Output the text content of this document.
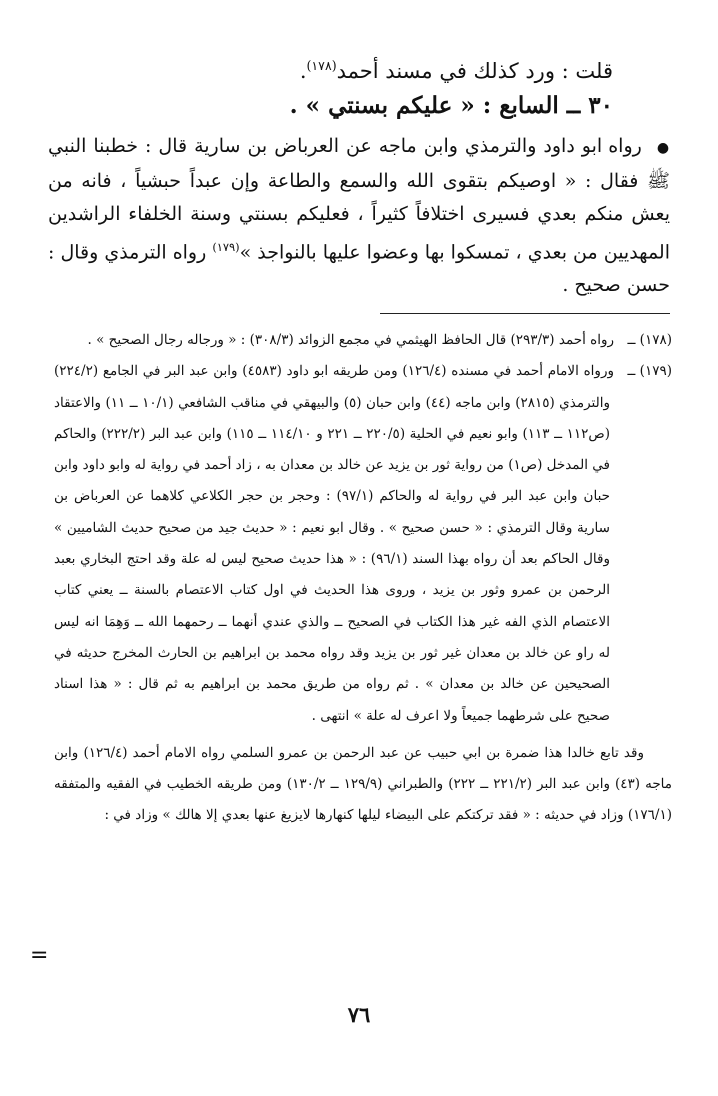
قلت : ورد كذلك في مسند أحمد$^{(١٧٨)}$.
٣٠ ــ السابع : « عليكم بسنتي » .
● رواه ابو داود والترمذي وابن ماجه عن العرباض بن سارية قال : خطبنا النبي ﷺ فقال : « اوصيكم بتقوى الله والسمع والطاعة وإن عبداً حبشياً ، فانه من يعش منكم بعدي فسيرى اختلافاً كثيراً ، فعليكم بسنتي وسنة الخلفاء الراشدين المهديين من بعدي ، تمسكوا بها وعضوا عليها بالنواجذ »$^{(١٧٩)}$ رواه الترمذي وقال : حسن صحيح .

(١٧٨) ــرواه أحمد (٢٩٣/٣) قال الحافظ الهيثمي في مجمع الزوائد (٣٠٨/٣) : « ورجاله رجال الصحيح » .

(١٧٩) ــورواه الامام أحمد في مسنده (١٢٦/٤) ومن طريقه ابو داود (٤٥٨٣) وابن عبد البر في الجامع (٢٢٤/٢) والترمذي (٢٨١٥) وابن ماجه (٤٤) وابن حبان (٥) والبيهقي في مناقب الشافعي (١٠/١ ــ ١١) والاعتقاد (ص١١٢ ــ ١١٣) وابو نعيم في الحلية (٢٢٠/٥ ــ ٢٢١ و ١١٤/١٠ ــ ١١٥) وابن عبد البر (٢٢٢/٢) والحاكم في المدخل (ص١) من رواية ثور بن يزيد عن خالد بن معدان به ، زاد أحمد في رواية له وابو داود وابن حبان وابن عبد البر في رواية له والحاكم (٩٧/١) : وحجر بن حجر الكلاعي كلاهما عن العرباض بن سارية وقال الترمذي : « حسن صحيح » . وقال ابو نعيم : « حديث جيد من صحيح حديث الشاميين » وقال الحاكم بعد أن رواه بهذا السند (٩٦/١) : « هذا حديث صحيح ليس له علة وقد احتج البخاري بعبد الرحمن بن عمرو وثور بن يزيد ، وروى هذا الحديث في اول كتاب الاعتصام بالسنة ــ يعني كتاب الاعتصام الذي الفه غير هذا الكتاب في الصحيح ــ والذي عندي أنهما ــ رحمهما الله ــ وَهِمَا انه ليس له راو عن خالد بن معدان غير ثور بن يزيد وقد رواه محمد بن ابراهيم بن الحارث المخرج حديثه في الصحيحين عن خالد بن معدان » . ثم رواه من طريق محمد بن ابراهيم به ثم قال : « هذا اسناد صحيح على شرطهما جميعاً ولا اعرف له علة » انتهى .

وقد تابع خالدا هذا ضمرة بن ابي حبيب عن عبد الرحمن بن عمرو السلمي رواه الامام أحمد (١٢٦/٤) وابن ماجه (٤٣) وابن عبد البر (٢٢١/٢ ــ ٢٢٢) والطبراني (١٢٩/٩ ــ ١٣٠/٢) ومن طريقه الخطيب في الفقيه والمتفقه (١٧٦/١) وزاد في حديثه : « فقد تركتكم على البيضاء ليلها كنهارها لايزيغ عنها بعدي إلا هالك » وزاد في :

=
٧٦
